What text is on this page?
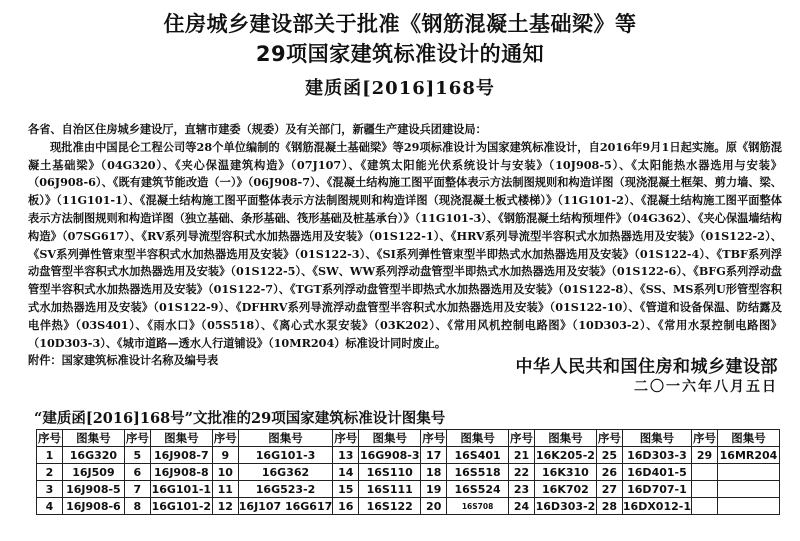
住房城乡建设部关于批准《钢筋混凝土基础梁》等
29项国家建筑标准设计的通知
建质函[2016]168号

各省、自治区住房城乡建设厅，直辖市建委（规委）及有关部门，新疆生产建设兵团建设局：

现批准由中国昆仑工程公司等28个单位编制的《钢筋混凝土基础梁》等29项标准设计为国家建筑标准设计，自2016年9月1日起实施。原《钢筋混凝土基础梁》（04G320）、《夹心保温建筑构造》（07J107）、《建筑太阳能光伏系统设计与安装》（10J908-5）、《太阳能热水器选用与安装》（06J908-6）、《既有建筑节能改造（一）》（06J908-7）、《混凝土结构施工图平面整体表示方法制图规则和构造详图（现浇混凝土框架、剪力墙、梁、板）》（11G101-1）、《混凝土结构施工图平面整体表示方法制图规则和构造详图（现浇混凝土板式楼梯）》（11G101-2）、《混凝土结构施工图平面整体表示方法制图规则和构造详图（独立基础、条形基础、筏形基础及桩基承台）》（11G101-3）、《钢筋混凝土结构预埋件》（04G362）、《夹心保温墙结构构造》（07SG617）、《RV系列导流型容积式水加热器选用及安装》（01S122-1）、《HRV系列导流型半容积式水加热器选用及安装》（01S122-2）、《SV系列弹性管束型半容积式水加热器选用及安装》（01S122-3）、《SI系列弹性管束型半即热式水加热器选用及安装》（01S122-4）、《TBF系列浮动盘管型半容积式水加热器选用及安装》（01S122-5）、《SW、WW系列浮动盘管型半即热式水加热器选用及安装》（01S122-6）、《BFG系列浮动盘管型半容积式水加热器选用及安装》（01S122-7）、《TGT系列浮动盘管型半即热式水加热器选用及安装》（01S122-8）、《SS、MS系列U形管型容积式水加热器选用及安装》（01S122-9）、《DFHRV系列导流浮动盘管型半容积式水加热器选用及安装》（01S122-10）、《管道和设备保温、防结露及电伴热》（03S401）、《雨水口》（05S518）、《离心式水泵安装》（03K202）、《常用风机控制电路图》（10D303-2）、《常用水泵控制电路图》（10D303-3）、《城市道路—透水人行道铺设》（10MR204）标准设计同时废止。

附件：国家建筑标准设计名称及编号表	中华人民共和国住房和城乡建设部
二〇一六年八月五日
“建质函[2016]168号”文批准的29项国家建筑标准设计图集号
序号	图集号	序号	图集号	序号	图集号	序号	图集号	序号	图集号	序号	图集号	序号	图集号	序号	图集号
1	16G320	5	16J908-7	9	16G101-3	13	16G908-3	17	16S401	21	16K205-2	25	16D303-3	29	16MR204
2	16J509	6	16J908-8	10	16G362	14	16S110	18	16S518	22	16K310	26	16D401-5		
3	16J908-5	7	16G101-1	11	16G523-2	15	16S111	19	16S524	23	16K702	27	16D707-1		
4	16J908-6	8	16G101-2	12	16J107 16G617	16	16S122	20	16S708	24	16D303-2	28	16DX012-1		
